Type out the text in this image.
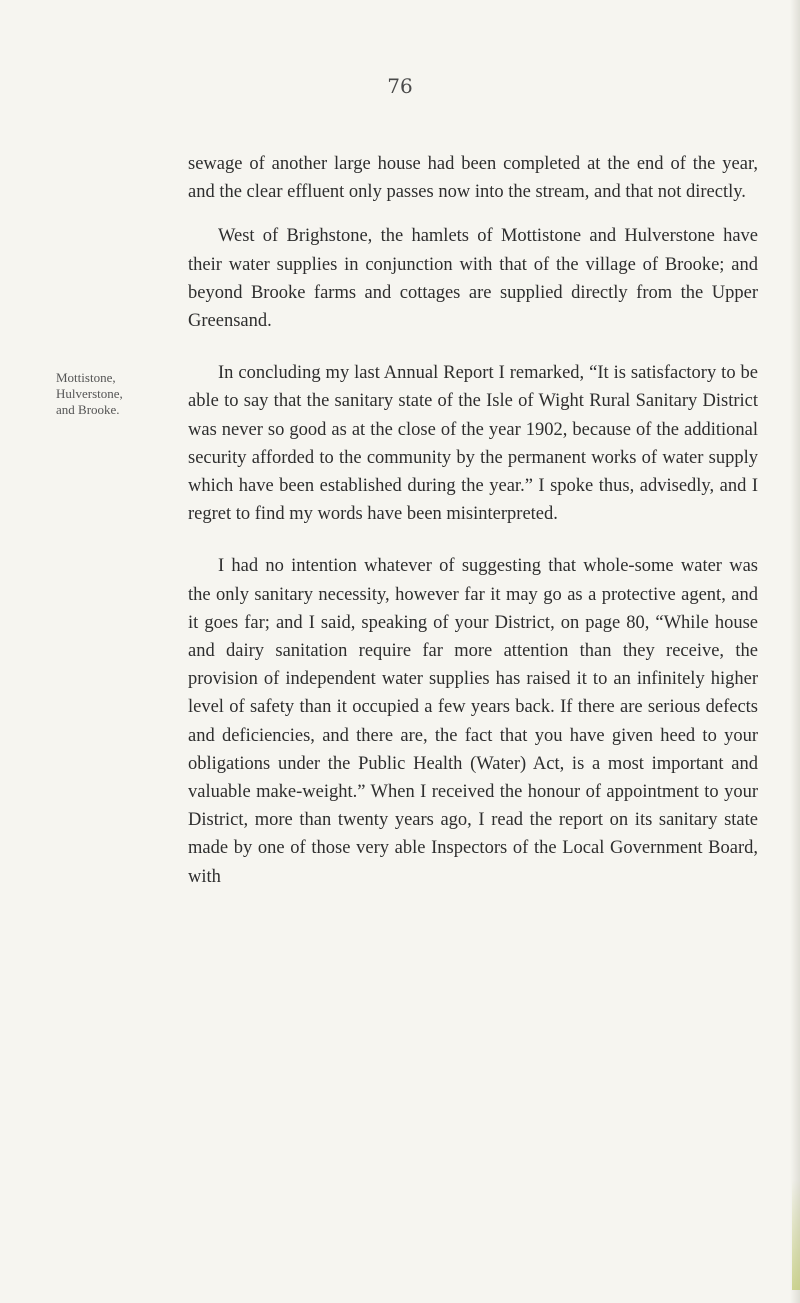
76
Mottistone,
Hulverstone,
and Brooke.

sewage of another large house had been completed at the end of the year, and the clear effluent only passes now into the stream, and that not directly.

West of Brighstone, the hamlets of Mottistone and Hulverstone have their water supplies in conjunction with that of the village of Brooke; and beyond Brooke farms and cottages are supplied directly from the Upper Greensand.

In concluding my last Annual Report I remarked, “It is satisfactory to be able to say that the sanitary state of the Isle of Wight Rural Sanitary District was never so good as at the close of the year 1902, because of the additional security afforded to the community by the permanent works of water supply which have been established during the year.” I spoke thus, advisedly, and I regret to find my words have been misinterpreted.

I had no intention whatever of suggesting that whole-some water was the only sanitary necessity, however far it may go as a protective agent, and it goes far; and I said, speaking of your District, on page 80, “While house and dairy sanitation require far more attention than they receive, the provision of independent water supplies has raised it to an infinitely higher level of safety than it occupied a few years back. If there are serious defects and deficiencies, and there are, the fact that you have given heed to your obligations under the Public Health (Water) Act, is a most important and valuable make-weight.” When I received the honour of appointment to your District, more than twenty years ago, I read the report on its sanitary state made by one of those very able Inspectors of the Local Government Board, with
